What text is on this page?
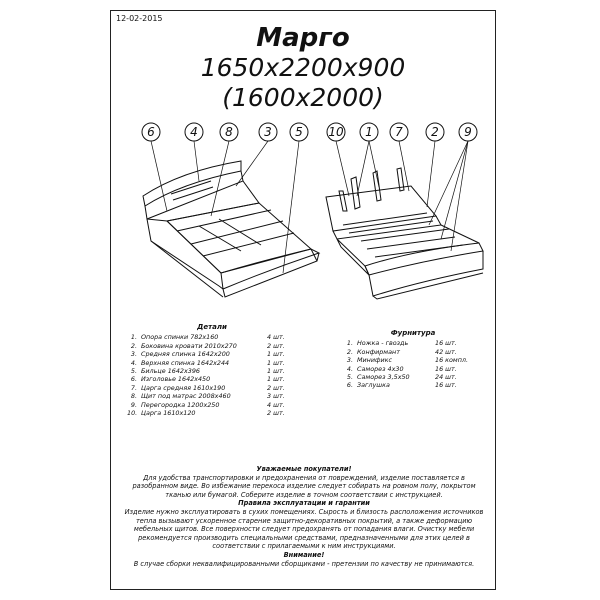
12-02-2015
Марго
1650x2200x900
(1600x2000)
6	4 8	3 5 10 1 7 2 9
Детали
1. Опора спинки 782х160	4 шт.
2. Боковина кровати 2010х270	2 шт.
3. Средняя спинка 1642х200	1 шт.
4. Верхняя спинка 1642х244	1 шт.
5. Бильце 1642х396	1 шт.
6. Изголовье 1642х450	1 шт.
7. Царга средняя 1610х190	2 шт.
8. Щит под матрас 2008х460	3 шт.
9. Перегородка 1200х250	4 шт.
10. Царга 1610х120	2 шт.
Фурнитура
1. Ножка - гвоздь	16 шт.
2. Конфирмант	42 шт.
3. Минификс	16 компл.
4. Саморез 4х30	16 шт.
5. Саморез 3,5х50	24 шт.
6. Заглушка	16 шт.
Уважаемые покупатели!
Для удобства транспортировки и предохранения от повреждений, изделие поставляется в разобранном виде. Во избежание перекоса изделие следует собирать на ровном полу, покрытом тканью или бумагой. Соберите изделие в точном соответствии с инструкцией.
Правила эксплуатации и гарантии
Изделие нужно эксплуатировать в сухих помещениях. Сырость и близость расположения источников тепла вызывают ускоренное старение защитно-декоративных покрытий, а также деформацию мебельных щитов. Все поверхности следует предохранять от попадания влаги. Очистку мебели рекомендуется производить специальными средствами, предназначенными для этих целей в соответствии с прилагаемыми к ним инструкциями.
Внимание!
В случае сборки неквалифицированными сборщиками - претензии по качеству не принимаются.
